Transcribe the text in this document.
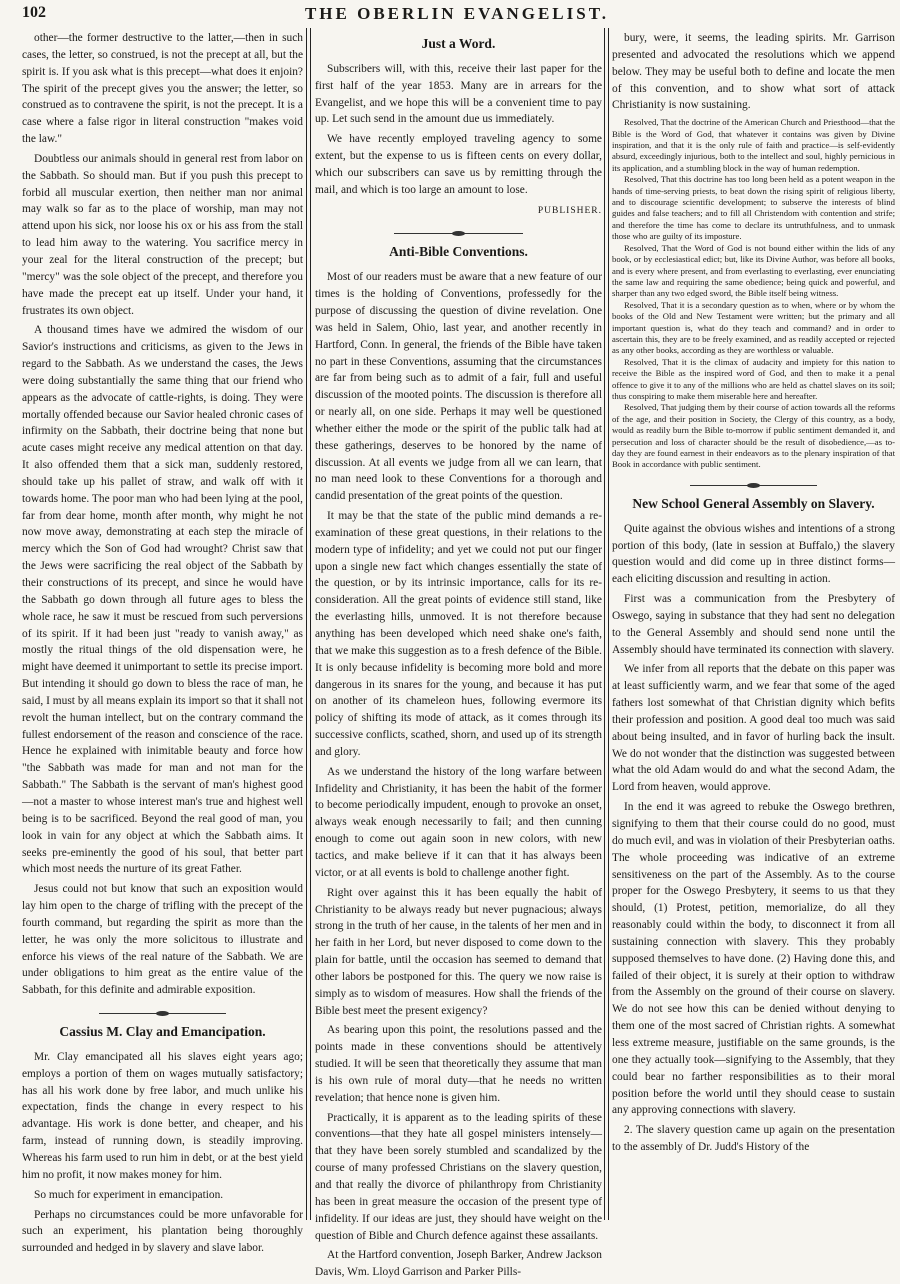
102	THE OBERLIN EVANGELIST.

other—the former destructive to the latter,—then in such cases, the letter, so construed, is not the precept at all, but the spirit is. If you ask what is this precept—what does it enjoin? The spirit of the precept gives you the answer; the letter, so construed as to contravene the spirit, is not the precept. It is a case where a false rigor in literal construction "makes void the law."

Doubtless our animals should in general rest from labor on the Sabbath. So should man. But if you push this precept to forbid all muscular exertion, then neither man nor animal may walk so far as to the place of worship, man may not attend upon his sick, nor loose his ox or his ass from the stall to lead him away to the watering. You sacrifice mercy in your zeal for the literal construction of the precept; but "mercy" was the sole object of the precept, and therefore you have made the precept eat up itself. Under your hand, it frustrates its own object.

A thousand times have we admired the wisdom of our Savior's instructions and criticisms, as given to the Jews in regard to the Sabbath. As we understand the cases, the Jews were doing substantially the same thing that our friend who appears as the advocate of cattle-rights, is doing. They were mortally offended because our Savior healed chronic cases of infirmity on the Sabbath, their doctrine being that none but acute cases might receive any medical attention on that day. It also offended them that a sick man, suddenly restored, should take up his pallet of straw, and walk off with it towards home. The poor man who had been lying at the pool, far from dear home, month after month, why might he not now move away, demonstrating at each step the miracle of mercy which the Son of God had wrought? Christ saw that the Jews were sacrificing the real object of the Sabbath by their constructions of its precept, and since he would have the Sabbath go down through all future ages to bless the whole race, he saw it must be rescued from such perversions of its spirit. If it had been just "ready to vanish away," as mostly the ritual things of the old dispensation were, he might have deemed it unimportant to settle its precise import. But intending it should go down to bless the race of man, he said, I must by all means explain its import so that it shall not revolt the human intellect, but on the contrary command the fullest endorsement of the reason and conscience of the race. Hence he explained with inimitable beauty and force how "the Sabbath was made for man and not man for the Sabbath." The Sabbath is the servant of man's highest good—not a master to whose interest man's true and highest well being is to be sacrificed. Beyond the real good of man, you look in vain for any object at which the Sabbath aims. It seeks pre-eminently the good of his soul, that better part which most needs the nurture of its great Father.

Jesus could not but know that such an exposition would lay him open to the charge of trifling with the precept of the fourth command, but regarding the spirit as more than the letter, he was only the more solicitous to illustrate and enforce his views of the real nature of the Sabbath. We are under obligations to him great as the entire value of the Sabbath, for this definite and admirable exposition.

Cassius M. Clay and Emancipation.

Mr. Clay emancipated all his slaves eight years ago; employs a portion of them on wages mutually satisfactory; has all his work done by free labor, and much unlike his expectation, finds the change in every respect to his advantage. His work is done better, and cheaper, and his farm, instead of running down, is steadily improving. Whereas his farm used to run him in debt, or at the best yield him no profit, it now makes money for him.

So much for experiment in emancipation.

Perhaps no circumstances could be more unfavorable for such an experiment, his plantation being thoroughly surrounded and hedged in by slavery and slave labor.

Just a Word.

Subscribers will, with this, receive their last paper for the first half of the year 1853. Many are in arrears for the Evangelist, and we hope this will be a convenient time to pay up. Let such send in the amount due us immediately.

We have recently employed traveling agency to some extent, but the expense to us is fifteen cents on every dollar, which our subscribers can save us by remitting through the mail, and which is too large an amount to lose.

PUBLISHER.

Anti-Bible Conventions.

Most of our readers must be aware that a new feature of our times is the holding of Conventions, professedly for the purpose of discussing the question of divine revelation. One was held in Salem, Ohio, last year, and another recently in Hartford, Conn. In general, the friends of the Bible have taken no part in these Conventions, assuming that the circumstances are far from being such as to admit of a fair, full and useful discussion of the mooted points. The discussion is therefore all or nearly all, on one side. Perhaps it may well be questioned whether either the mode or the spirit of the public talk had at these gatherings, deserves to be honored by the name of discussion. At all events we judge from all we can learn, that no man need look to these Conventions for a thorough and candid presentation of the great points of the question.

It may be that the state of the public mind demands a re-examination of these great questions, in their relations to the modern type of infidelity; and yet we could not put our finger upon a single new fact which changes essentially the state of the question, or by its intrinsic importance, calls for its re-consideration. All the great points of evidence still stand, like the everlasting hills, unmoved. It is not therefore because anything has been developed which need shake one's faith, that we make this suggestion as to a fresh defence of the Bible. It is only because infidelity is becoming more bold and more dangerous in its snares for the young, and because it has put on another of its chameleon hues, following evermore its policy of shifting its mode of attack, as it comes through its successive conflicts, scathed, shorn, and used up of its strength and glory.

As we understand the history of the long warfare between Infidelity and Christianity, it has been the habit of the former to become periodically impudent, enough to provoke an onset, always weak enough necessarily to fail; and then cunning enough to come out again soon in new colors, with new tactics, and make believe if it can that it has always been victor, or at all events is bold to challenge another fight.

Right over against this it has been equally the habit of Christianity to be always ready but never pugnacious; always strong in the truth of her cause, in the talents of her men and in her faith in her Lord, but never disposed to come down to the plain for battle, until the occasion has seemed to demand that other labors be postponed for this. The query we now raise is simply as to wisdom of measures. How shall the friends of the Bible best meet the present exigency?

As bearing upon this point, the resolutions passed and the points made in these conventions should be attentively studied. It will be seen that theoretically they assume that man is his own rule of moral duty—that he needs no written revelation; that hence none is given him.

Practically, it is apparent as to the leading spirits of these conventions—that they hate all gospel ministers intensely—that they have been sorely stumbled and scandalized by the course of many professed Christians on the slavery question, and that really the divorce of philanthropy from Christianity has been in great measure the occasion of the present type of infidelity. If our ideas are just, they should have weight on the question of Bible and Church defence against these assailants.

At the Hartford convention, Joseph Barker, Andrew Jackson Davis, Wm. Lloyd Garrison and Parker Pills-

bury, were, it seems, the leading spirits. Mr. Garrison presented and advocated the resolutions which we append below. They may be useful both to define and locate the men of this convention, and to show what sort of attack Christianity is now sustaining.

Resolved, That the doctrine of the American Church and Priesthood—that the Bible is the Word of God, that whatever it contains was given by Divine inspiration, and that it is the only rule of faith and practice—is self-evidently absurd, exceedingly injurious, both to the intellect and soul, highly pernicious in its application, and a stumbling block in the way of human redemption.

Resolved, That this doctrine has too long been held as a potent weapon in the hands of time-serving priests, to beat down the rising spirit of religious liberty, and to discourage scientific development; to subserve the interests of blind guides and false teachers; and to fill all Christendom with contention and strife; and therefore the time has come to declare its untruthfulness, and to unmask those who are guilty of its imposture.

Resolved, That the Word of God is not bound either within the lids of any book, or by ecclesiastical edict; but, like its Divine Author, was before all books, and is every where present, and from everlasting to everlasting, ever enunciating the same law and requiring the same obedience; being quick and powerful, and sharper than any two edged sword, the Bible itself being witness.

Resolved, That it is a secondary question as to when, where or by whom the books of the Old and New Testament were written; but the primary and all important question is, what do they teach and command? and in order to ascertain this, they are to be freely examined, and as readily accepted or rejected as any other books, according as they are worthless or valuable.

Resolved, That it is the climax of audacity and impiety for this nation to receive the Bible as the inspired word of God, and then to make it a penal offence to give it to any of the millions who are held as chattel slaves on its soil; thus conspiring to make them miserable here and hereafter.

Resolved, That judging them by their course of action towards all the reforms of the age, and their position in Society, the Clergy of this country, as a body, would as readily burn the Bible to-morrow if public sentiment demanded it, and persecution and loss of character should be the result of disobedience,—as to-day they are found earnest in their endeavors as to the plenary inspiration of that Book in accordance with public sentiment.

New School General Assembly on Slavery.

Quite against the obvious wishes and intentions of a strong portion of this body, (late in session at Buffalo,) the slavery question would and did come up in three distinct forms—each eliciting discussion and resulting in action.

First was a communication from the Presbytery of Oswego, saying in substance that they had sent no delegation to the General Assembly and should send none until the Assembly should have terminated its connection with slavery.

We infer from all reports that the debate on this paper was at least sufficiently warm, and we fear that some of the aged fathers lost somewhat of that Christian dignity which befits their profession and position. A good deal too much was said about being insulted, and in favor of hurling back the insult. We do not wonder that the distinction was suggested between what the old Adam would do and what the second Adam, the Lord from heaven, would approve.

In the end it was agreed to rebuke the Oswego brethren, signifying to them that their course could do no good, must do much evil, and was in violation of their Presbyterian oaths. The whole proceeding was indicative of an extreme sensitiveness on the part of the Assembly. As to the course proper for the Oswego Presbytery, it seems to us that they should, (1) Protest, petition, memorialize, do all they reasonably could within the body, to disconnect it from all sustaining connection with slavery. This they probably supposed themselves to have done. (2) Having done this, and failed of their object, it is surely at their option to withdraw from the Assembly on the ground of their course on slavery. We do not see how this can be denied without denying to them one of the most sacred of Christian rights. A somewhat less extreme measure, justifiable on the same grounds, is the one they actually took—signifying to the Assembly, that they could bear no farther responsibilities as to their moral position before the world until they should cease to sustain any approving connections with slavery.

2. The slavery question came up again on the presentation to the assembly of Dr. Judd's History of the
